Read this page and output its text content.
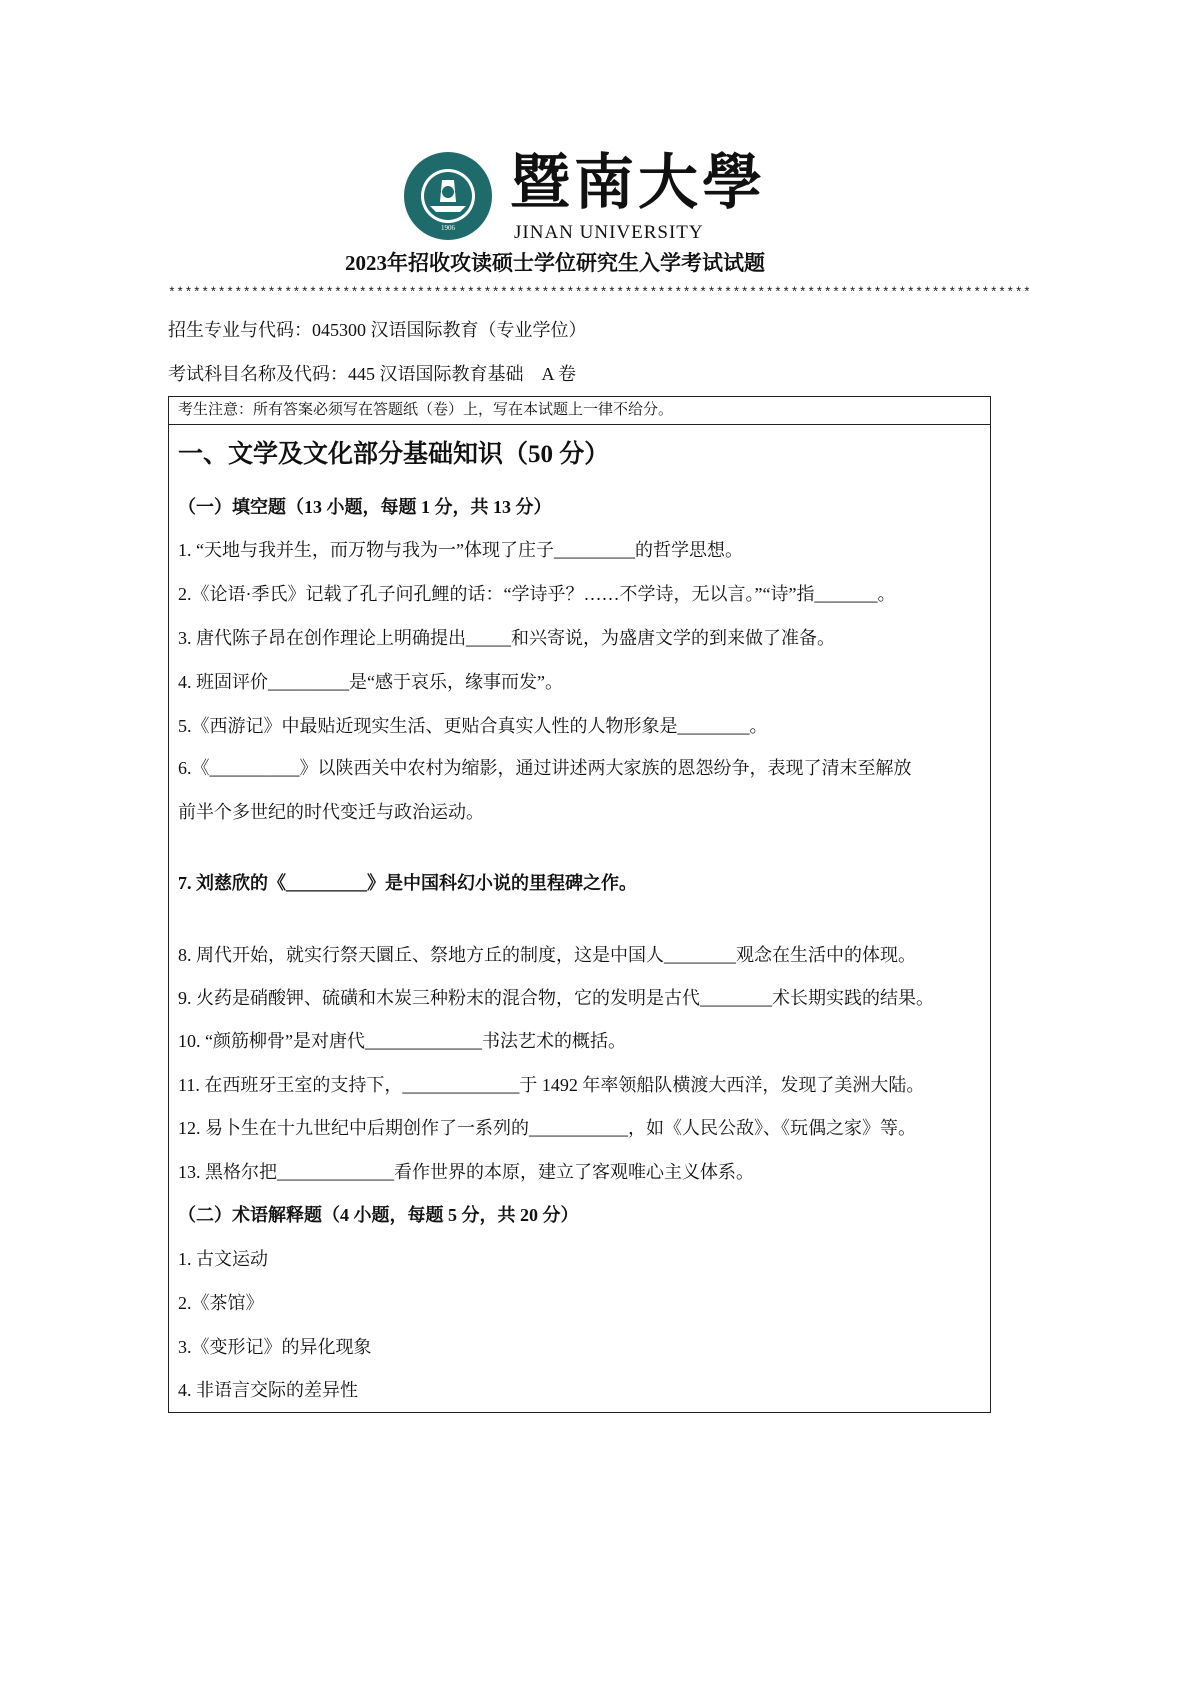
1906
暨南大學
JINAN UNIVERSITY
2023年招收攻读硕士学位研究生入学考试试题
********************************************************************************************************
招生专业与代码：045300 汉语国际教育（专业学位）
考试科目名称及代码：445 汉语国际教育基础　A 卷
考生注意：所有答案必须写在答题纸（卷）上，写在本试题上一律不给分。
一、文学及文化部分基础知识（50 分）
（一）填空题（13 小题，每题 1 分，共 13 分）
1. “天地与我并生，而万物与我为一”体现了庄子_________的哲学思想。
2.《论语·季氏》记载了孔子问孔鲤的话：“学诗乎？……不学诗，无以言。”“诗”指_______。
3. 唐代陈子昂在创作理论上明确提出_____和兴寄说，为盛唐文学的到来做了准备。
4. 班固评价_________是“感于哀乐，缘事而发”。
5.《西游记》中最贴近现实生活、更贴合真实人性的人物形象是________。
6.《__________》以陕西关中农村为缩影，通过讲述两大家族的恩怨纷争，表现了清末至解放
前半个多世纪的时代变迁与政治运动。
7. 刘慈欣的《_________》是中国科幻小说的里程碑之作。
8. 周代开始，就实行祭天圜丘、祭地方丘的制度，这是中国人________观念在生活中的体现。
9. 火药是硝酸钾、硫磺和木炭三种粉末的混合物，它的发明是古代________术长期实践的结果。
10. “颜筋柳骨”是对唐代_____________书法艺术的概括。
11. 在西班牙王室的支持下，_____________于 1492 年率领船队横渡大西洋，发现了美洲大陆。
12. 易卜生在十九世纪中后期创作了一系列的___________，如《人民公敌》、《玩偶之家》等。
13. 黑格尔把_____________看作世界的本原，建立了客观唯心主义体系。
（二）术语解释题（4 小题，每题 5 分，共 20 分）
1. 古文运动
2.《茶馆》
3.《变形记》的异化现象
4. 非语言交际的差异性
